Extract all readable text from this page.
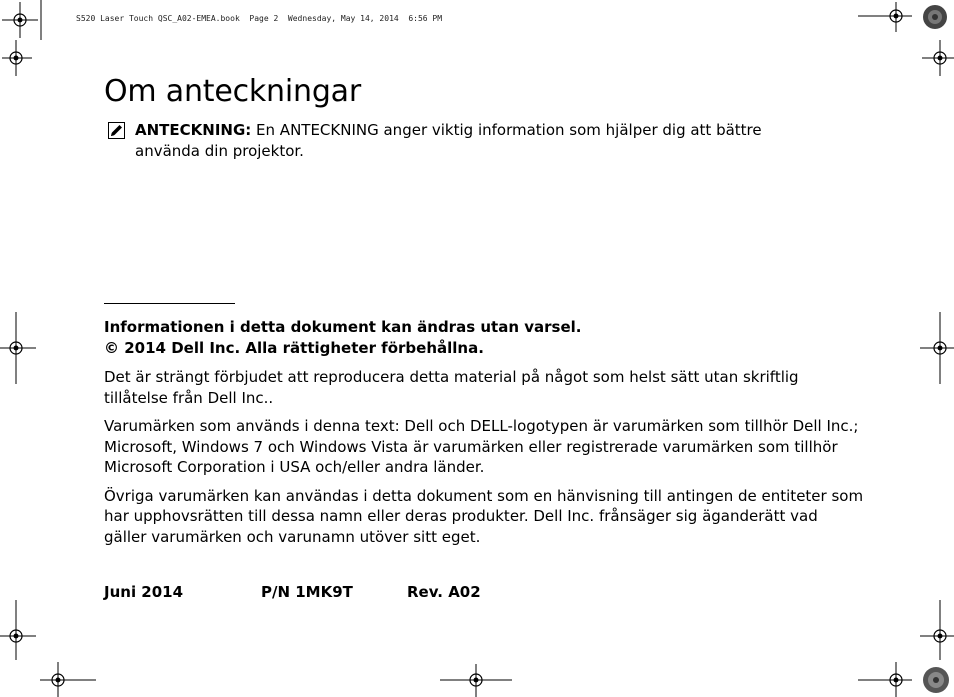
S520 Laser Touch QSC_A02-EMEA.book  Page 2  Wednesday, May 14, 2014  6:56 PM
Om anteckningar
ANTECKNING: En ANTECKNING anger viktig information som hjälper dig att bättre använda din projektor.
Informationen i detta dokument kan ändras utan varsel.
© 2014 Dell Inc. Alla rättigheter förbehållna.

Det är strängt förbjudet att reproducera detta material på något som helst sätt utan skriftlig tillåtelse från Dell Inc..

Varumärken som används i denna text: Dell och DELL-logotypen är varumärken som tillhör Dell Inc.; Microsoft, Windows 7 och Windows Vista är varumärken eller registrerade varumärken som tillhör Microsoft Corporation i USA och/eller andra länder.

Övriga varumärken kan användas i detta dokument som en hänvisning till antingen de entiteter som har upphovsrätten till dessa namn eller deras produkter. Dell Inc. frånsäger sig äganderätt vad gäller varumärken och varunamn utöver sitt eget.

Juni 2014	P/N 1MK9T	Rev. A02
